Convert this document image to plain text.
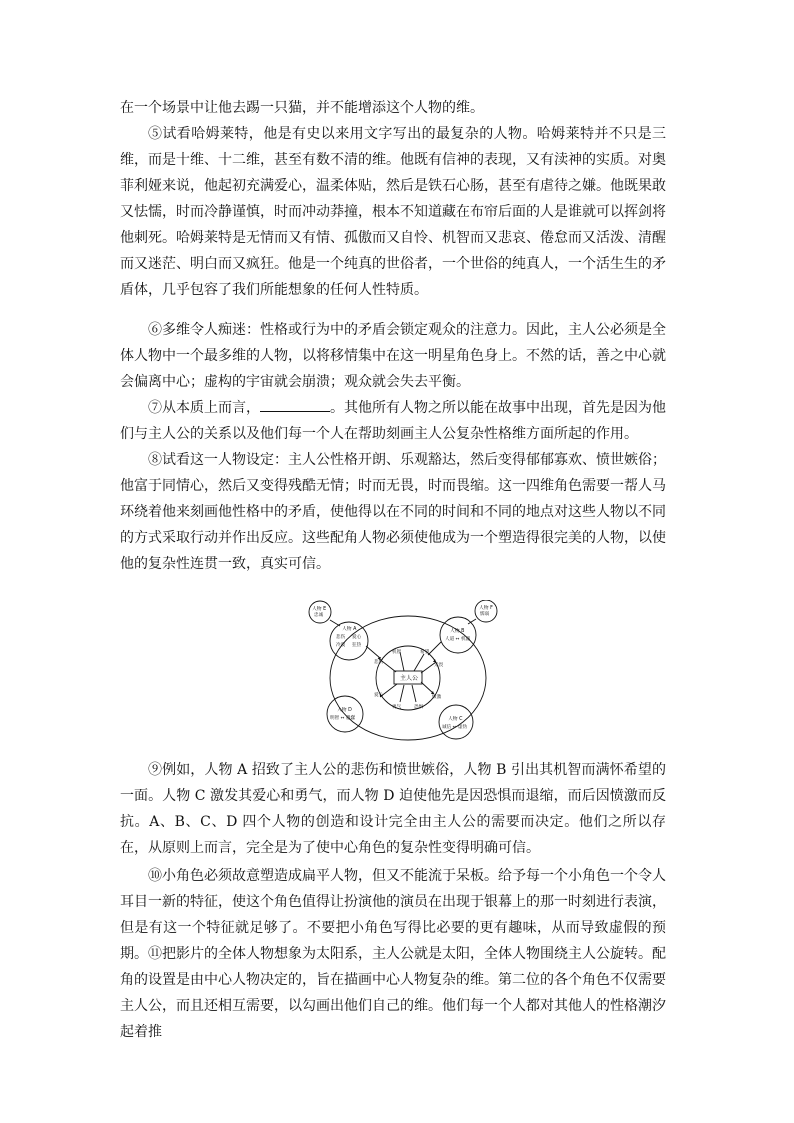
在一个场景中让他去踢一只猫，并不能增添这个人物的维。

⑤试看哈姆莱特，他是有史以来用文字写出的最复杂的人物。哈姆莱特并不只是三维，而是十维、十二维，甚至有数不清的维。他既有信神的表现，又有渎神的实质。对奥菲利娅来说，他起初充满爱心，温柔体贴，然后是铁石心肠，甚至有虐待之嫌。他既果敢又怯懦，时而冷静谨慎，时而冲动莽撞，根本不知道藏在布帘后面的人是谁就可以挥剑将他刺死。哈姆莱特是无情而又有情、孤傲而又自怜、机智而又悲哀、倦怠而又活泼、清醒而又迷茫、明白而又疯狂。他是一个纯真的世俗者，一个世俗的纯真人，一个活生生的矛盾体，几乎包容了我们所能想象的任何人性特质。

⑥多维令人痴迷：性格或行为中的矛盾会锁定观众的注意力。因此，主人公必须是全体人物中一个最多维的人物，以将移情集中在这一明星角色身上。不然的话，善之中心就会偏离中心；虚构的宇宙就会崩溃；观众就会失去平衡。

⑦从本质上而言，	。其他所有人物之所以能在故事中出现，首先是因为他们与主人公的关系以及他们每一个人在帮助刻画主人公复杂性格维方面所起的作用。

⑧试看这一人物设定：主人公性格开朗、乐观豁达，然后变得郁郁寡欢、愤世嫉俗；他富于同情心，然后又变得残酷无情；时而无畏，时而畏缩。这一四维角色需要一帮人马环绕着他来刻画他性格中的矛盾，使他得以在不同的时间和不同的地点对这些人物以不同的方式采取行动并作出反应。这些配角人物必须使他成为一个塑造得很完美的人物，以使他的复杂性连贯一致，真实可信。

主人公
人物 A
悲伤 爱心
冷漠 狂热
人物 B
人道 ↔ 机器
人物 C
诚信 ↔ 虚伪
人物 D
明智 ↔ 愚蠢
人物 E
忠诚
人物 F
懦弱
悲伤
机智	希望
无畏
爱心
勇气	恐惧
愤激

⑨例如，人物 A 招致了主人公的悲伤和愤世嫉俗，人物 B 引出其机智而满怀希望的一面。人物 C 激发其爱心和勇气，而人物 D 迫使他先是因恐惧而退缩，而后因愤激而反抗。A、B、C、D 四个人物的创造和设计完全由主人公的需要而决定。他们之所以存在，从原则上而言，完全是为了使中心角色的复杂性变得明确可信。

⑩小角色必须故意塑造成扁平人物，但又不能流于呆板。给予每一个小角色一个令人耳目一新的特征，使这个角色值得让扮演他的演员在出现于银幕上的那一时刻进行表演，但是有这一个特征就足够了。不要把小角色写得比必要的更有趣味，从而导致虚假的预期。 ⑪把影片的全体人物想象为太阳系，主人公就是太阳，全体人物围绕主人公旋转。配角的设置是由中心人物决定的，旨在描画中心人物复杂的维。第二位的各个角色不仅需要主人公，而且还相互需要，以勾画出他们自己的维。他们每一个人都对其他人的性格潮汐起着推
